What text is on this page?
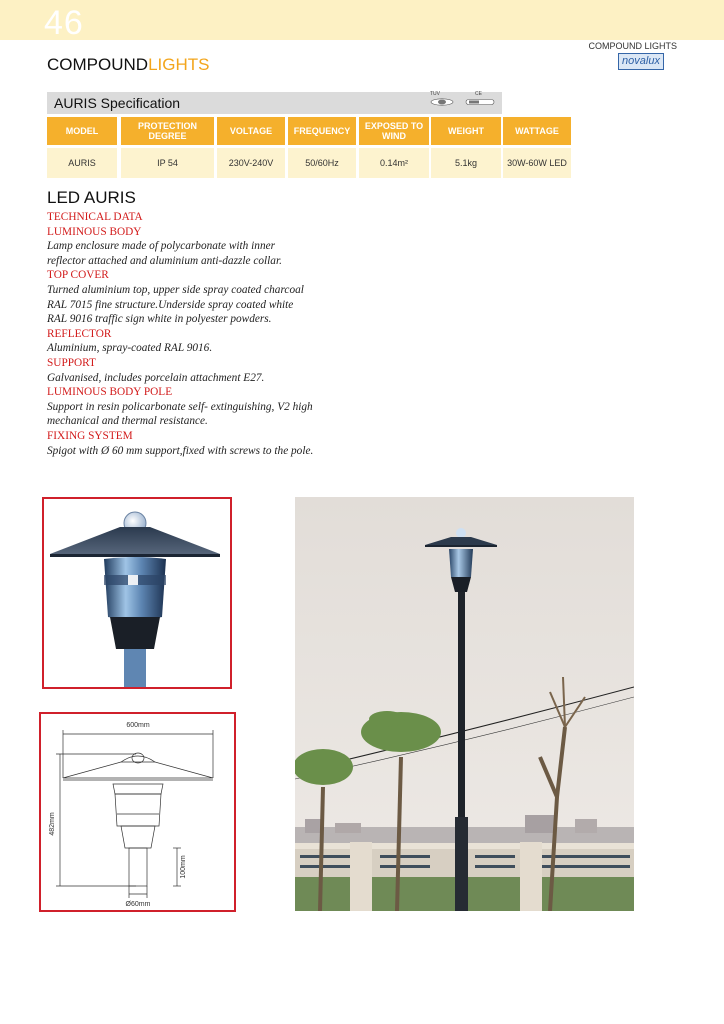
46
COMPOUND LIGHTS
novalux
COMPOUNDLIGHTS
AURIS Specification
TUV	CE
MODEL	PROTECTION DEGREE	VOLTAGE	FREQUENCY	EXPOSED TO WIND	WEIGHT	WATTAGE
AURIS	IP 54	230V-240V	50/60Hz	0.14m²	5.1kg	30W-60W LED
LED AURIS
TECHNICAL DATA
LUMINOUS BODY
Lamp enclosure made of polycarbonate with inner
reflector attached and aluminium anti-dazzle collar.
TOP COVER
Turned aluminium top, upper side spray coated charcoal
RAL 7015 fine structure.Underside spray coated white
RAL 9016 traffic sign white in polyester powders.
REFLECTOR
Aluminium, spray-coated RAL 9016.
SUPPORT
Galvanised, includes porcelain attachment E27.
LUMINOUS BODY POLE
Support in resin policarbonate self- extinguishing, V2 high
mechanical and thermal resistance.
FIXING SYSTEM
Spigot with Ø 60 mm support,fixed with screws to the pole.
600mm
482mm
100mm
Ø60mm
